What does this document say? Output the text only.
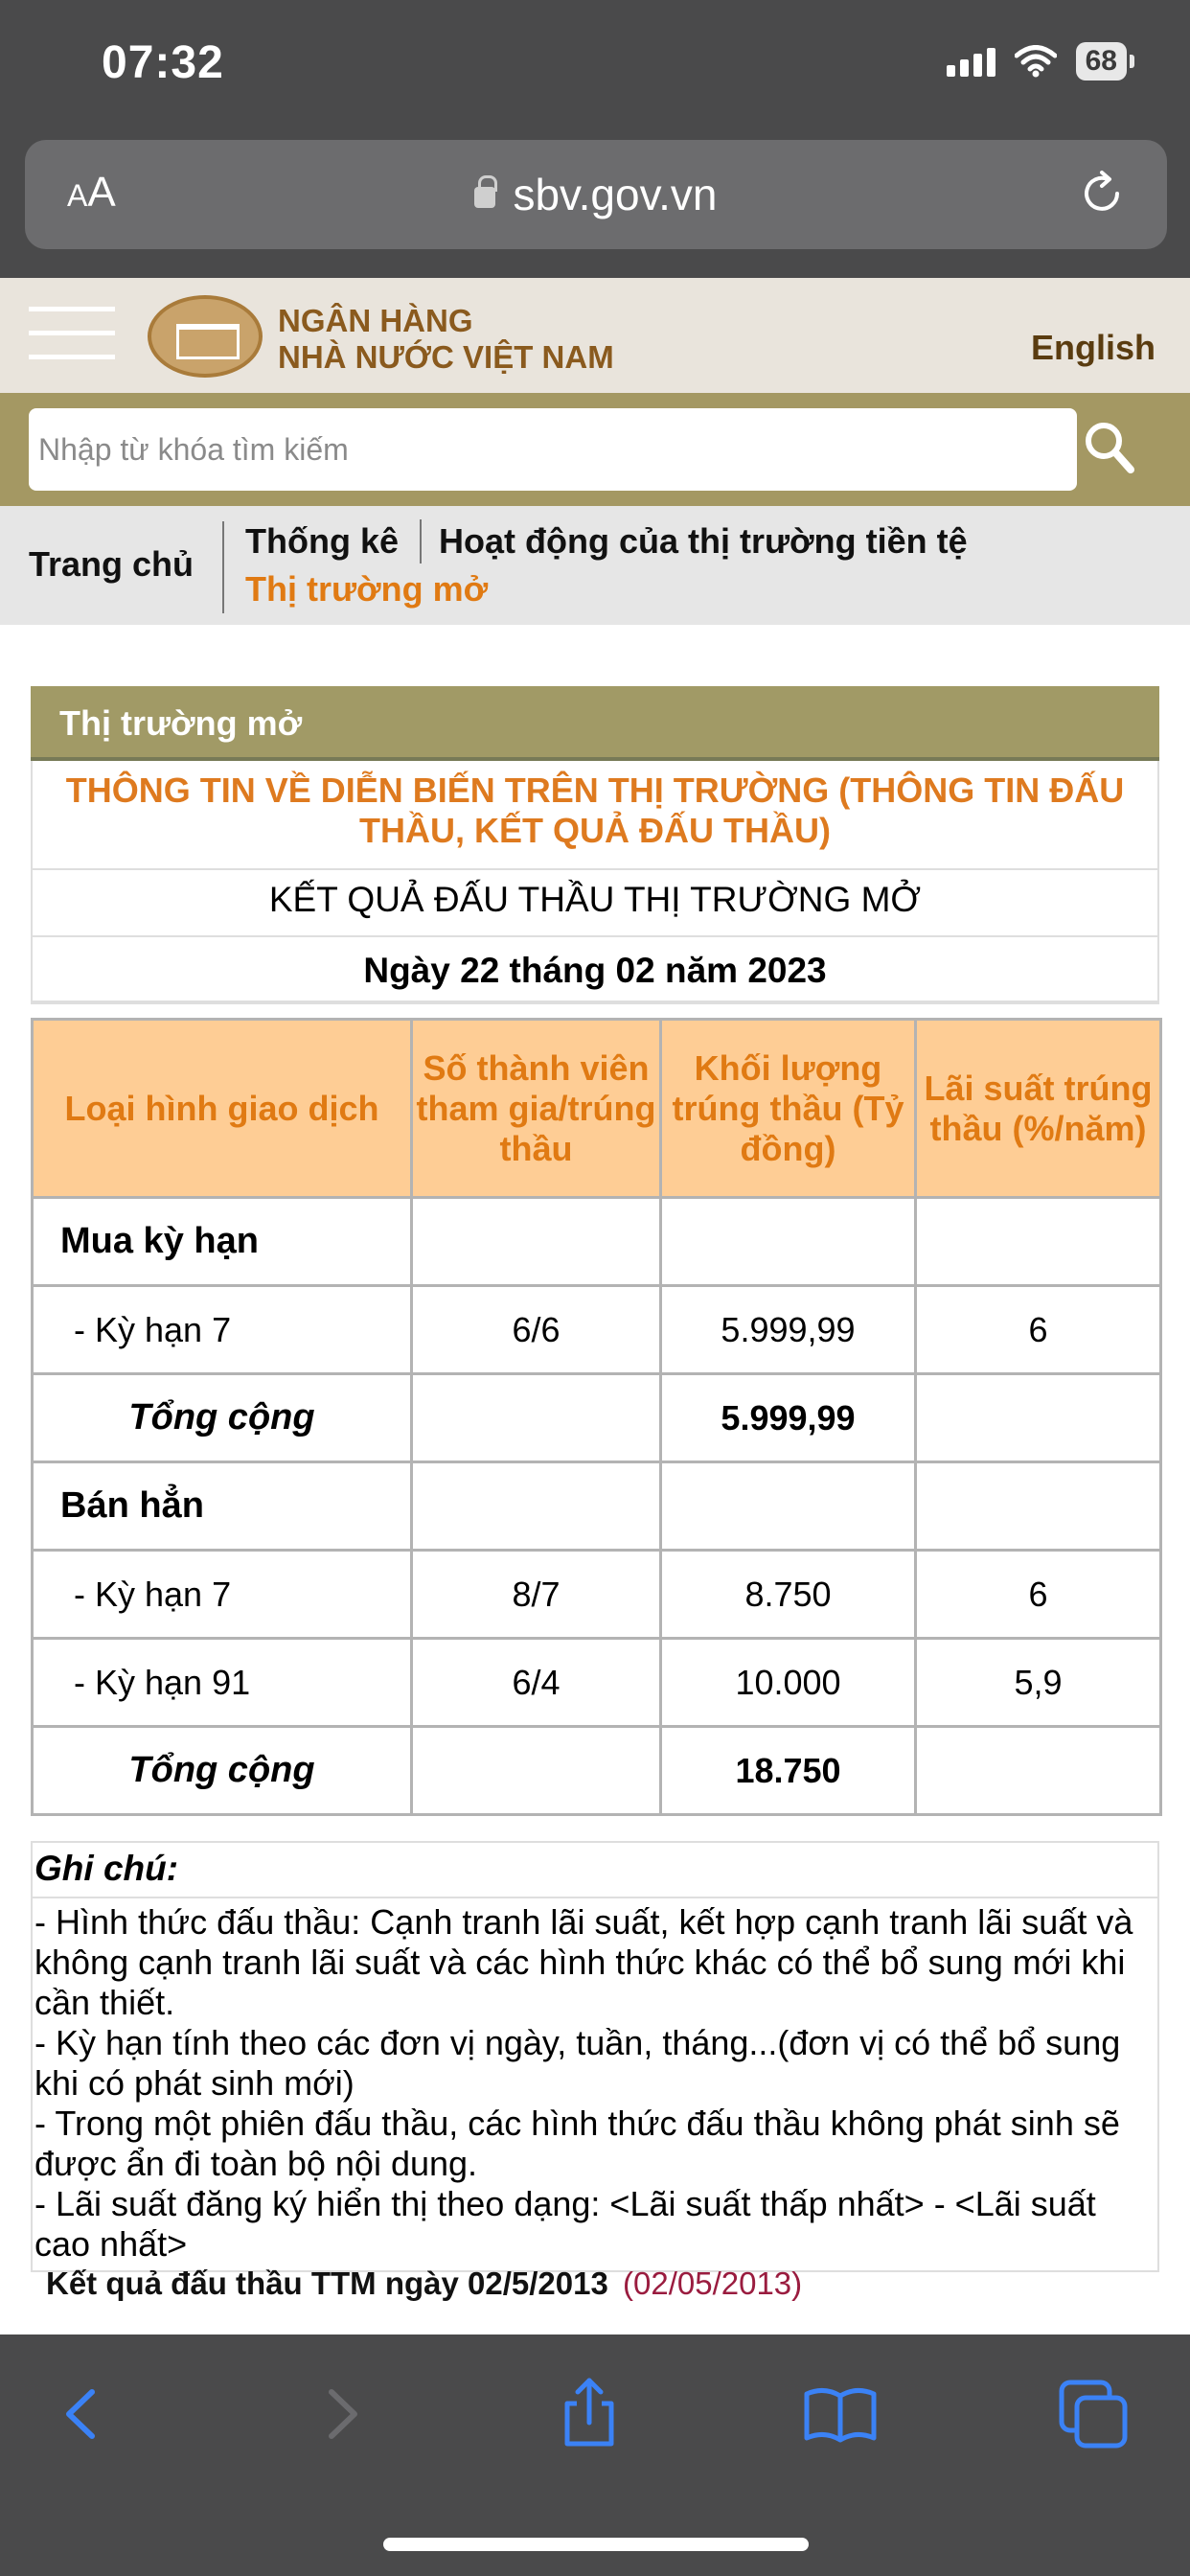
07:32	68
AA	sbv.gov.vn
NGÂN HÀNG
NHÀ NƯỚC VIỆT NAM	English
Nhập từ khóa tìm kiếm
Trang chủ
Thống kê Hoạt động của thị trường tiền tệ
Thị trường mở
Thị trường mở
THÔNG TIN VỀ DIỄN BIẾN TRÊN THỊ TRƯỜNG (THÔNG TIN ĐẤU THẦU, KẾT QUẢ ĐẤU THẦU)
KẾT QUẢ ĐẤU THẦU THỊ TRƯỜNG MỞ
Ngày 22 tháng 02 năm 2023
Loại hình giao dịch	Số thành viên tham gia/trúng thầu	Khối lượng trúng thầu (Tỷ đồng)	Lãi suất trúng thầu (%/năm)
Mua kỳ hạn			
- Kỳ hạn 7	6/6	5.999,99	6
Tổng cộng		5.999,99	
Bán hẳn			
- Kỳ hạn 7	8/7	8.750	6
- Kỳ hạn 91	6/4	10.000	5,9
Tổng cộng		18.750	
Ghi chú:
- Hình thức đấu thầu: Cạnh tranh lãi suất, kết hợp cạnh tranh lãi suất và không cạnh tranh lãi suất và các hình thức khác có thể bổ sung mới khi cần thiết.
- Kỳ hạn tính theo các đơn vị ngày, tuần, tháng...(đơn vị có thể bổ sung khi có phát sinh mới)
- Trong một phiên đấu thầu, các hình thức đấu thầu không phát sinh sẽ được ẩn đi toàn bộ nội dung.
- Lãi suất đăng ký hiển thị theo dạng: <Lãi suất thấp nhất> - <Lãi suất cao nhất>
Kết quả đấu thầu TTM ngày 02/5/2013 (02/05/2013)
